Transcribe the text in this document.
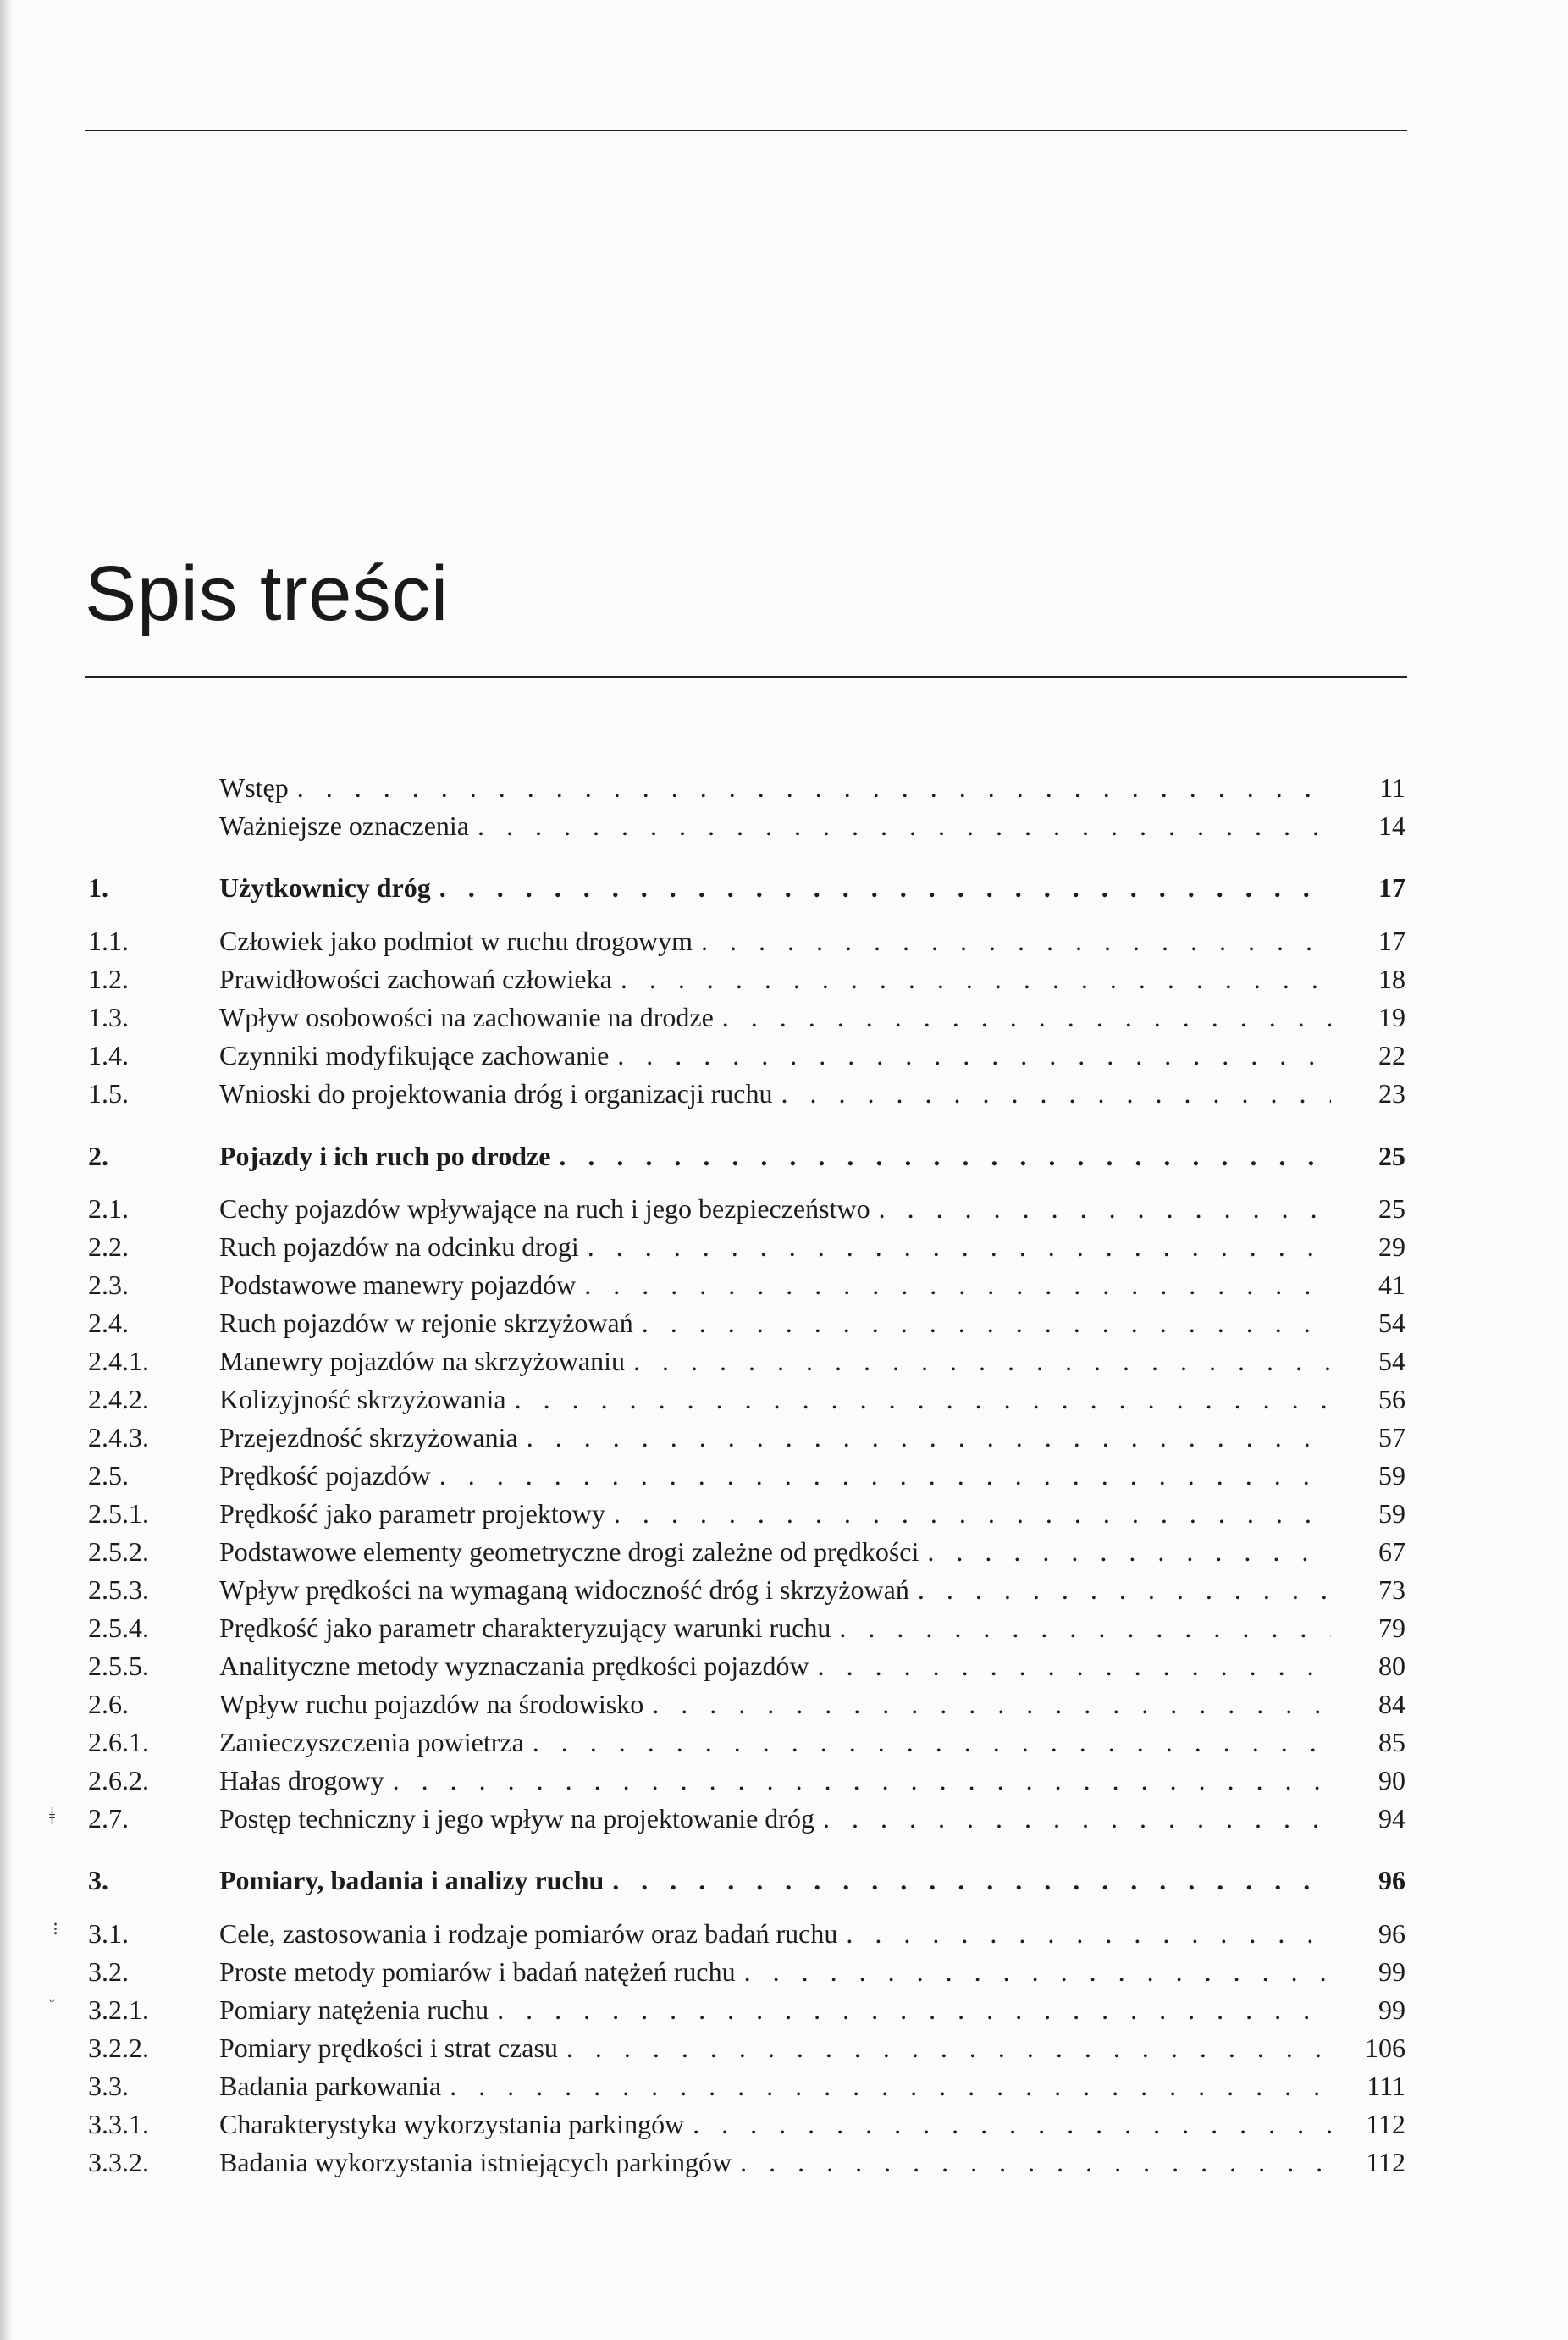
Spis treści
Wstęp . . .	11
Ważniejsze oznaczenia . . .	14
1.	Użytkownicy dróg . . .	17
1.1.	Człowiek jako podmiot w ruchu drogowym . . .	17
1.2.	Prawidłowości zachowań człowieka . . .	18
1.3.	Wpływ osobowości na zachowanie na drodze . . .	19
1.4.	Czynniki modyfikujące zachowanie . . .	22
1.5.	Wnioski do projektowania dróg i organizacji ruchu . . .	23
2.	Pojazdy i ich ruch po drodze . . .	25
2.1.	Cechy pojazdów wpływające na ruch i jego bezpieczeństwo . . .	25
2.2.	Ruch pojazdów na odcinku drogi . . .	29
2.3.	Podstawowe manewry pojazdów . . .	41
2.4.	Ruch pojazdów w rejonie skrzyżowań . . .	54
2.4.1.	Manewry pojazdów na skrzyżowaniu . . .	54
2.4.2.	Kolizyjność skrzyżowania . . .	56
2.4.3.	Przejezdność skrzyżowania . . .	57
2.5.	Prędkość pojazdów . . .	59
2.5.1.	Prędkość jako parametr projektowy . . .	59
2.5.2.	Podstawowe elementy geometryczne drogi zależne od prędkości . . .	67
2.5.3.	Wpływ prędkości na wymaganą widoczność dróg i skrzyżowań . . .	73
2.5.4.	Prędkość jako parametr charakteryzujący warunki ruchu . . .	79
2.5.5.	Analityczne metody wyznaczania prędkości pojazdów . . .	80
2.6.	Wpływ ruchu pojazdów na środowisko . . .	84
2.6.1.	Zanieczyszczenia powietrza . . .	85
2.6.2.	Hałas drogowy . . .	90
2.7.	Postęp techniczny i jego wpływ na projektowanie dróg . . .	94
3.	Pomiary, badania i analizy ruchu . . .	96
3.1.	Cele, zastosowania i rodzaje pomiarów oraz badań ruchu . . .	96
3.2.	Proste metody pomiarów i badań natężeń ruchu . . .	99
3.2.1.	Pomiary natężenia ruchu . . .	99
3.2.2.	Pomiary prędkości i strat czasu . . .	106
3.3.	Badania parkowania . . .	111
3.3.1.	Charakterystyka wykorzystania parkingów . . .	112
3.3.2.	Badania wykorzystania istniejących parkingów . . .	112
ǂ
⁝
ᵕ
